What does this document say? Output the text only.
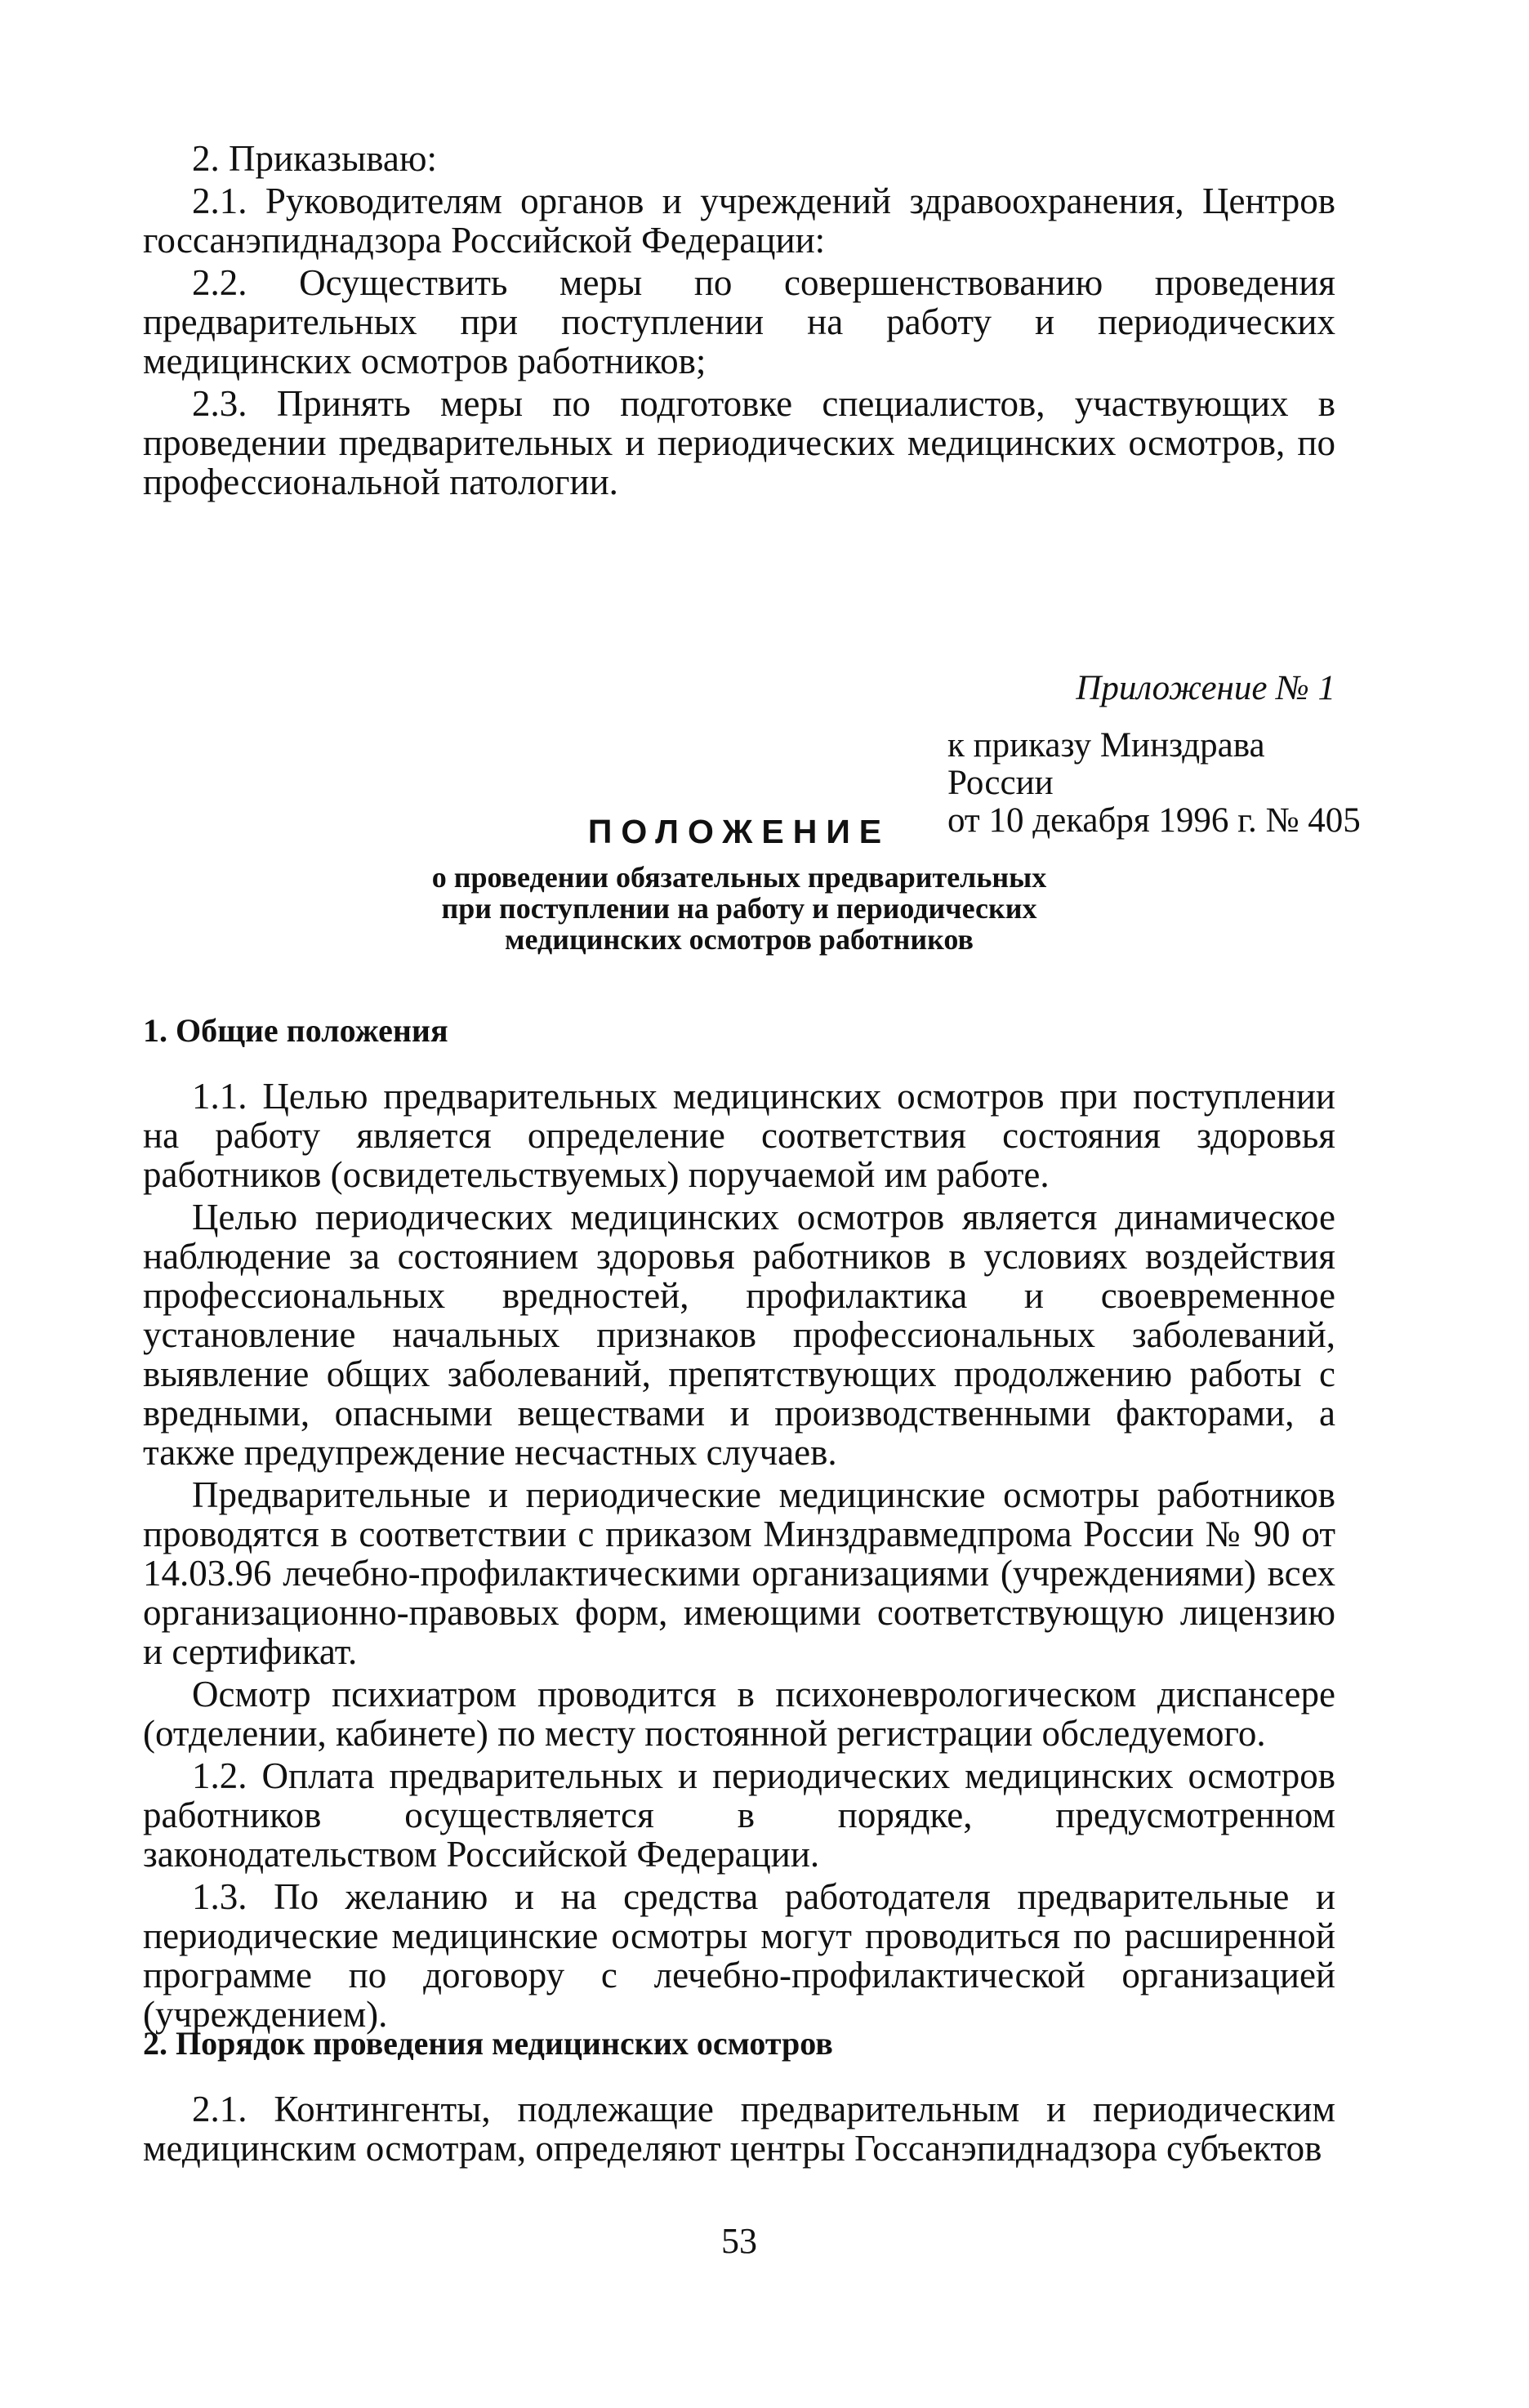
2. Приказываю:

2.1. Руководителям органов и учреждений здравоохранения, Центров госсанэпиднадзора Российской Федерации:

2.2. Осуществить меры по совершенствованию проведения предварительных при поступлении на работу и периодических медицинских осмотров работников;

2.3. Принять меры по подготовке специалистов, участвующих в проведении предварительных и периодических медицинских осмотров, по профессиональной патологии.

Приложение № 1
к приказу Минздрава России
от 10 декабря 1996 г. № 405
ПОЛОЖЕНИЕ
о проведении обязательных предварительных
при поступлении на работу и периодических
медицинских осмотров работников
1. Общие положения

1.1. Целью предварительных медицинских осмотров при поступлении на работу является определение соответствия состояния здоровья работников (освидетельствуемых) поручаемой им работе.

Целью периодических медицинских осмотров является динамическое наблюдение за состоянием здоровья работников в условиях воздействия профессиональных вредностей, профилактика и своевременное установление начальных признаков профессиональных заболеваний, выявление общих заболеваний, препятствующих продолжению работы с вредными, опасными веществами и производственными факторами, а также предупреждение несчастных случаев.

Предварительные и периодические медицинские осмотры работников проводятся в соответствии с приказом Минздравмедпрома России № 90 от 14.03.96 лечебно-профилактическими организациями (учреждениями) всех организационно-правовых форм, имеющими соответствующую лицензию и сертификат.

Осмотр психиатром проводится в психоневрологическом диспансере (отделении, кабинете) по месту постоянной регистрации обследуемого.

1.2. Оплата предварительных и периодических медицинских осмотров работников осуществляется в порядке, предусмотренном законодательством Российской Федерации.

1.3. По желанию и на средства работодателя предварительные и периодические медицинские осмотры могут проводиться по расширенной программе по договору с лечебно-профилактической организацией (учреждением).

2. Порядок проведения медицинских осмотров

2.1. Контингенты, подлежащие предварительным и периодическим медицинским осмотрам, определяют центры Госсанэпиднадзора субъектов

53
